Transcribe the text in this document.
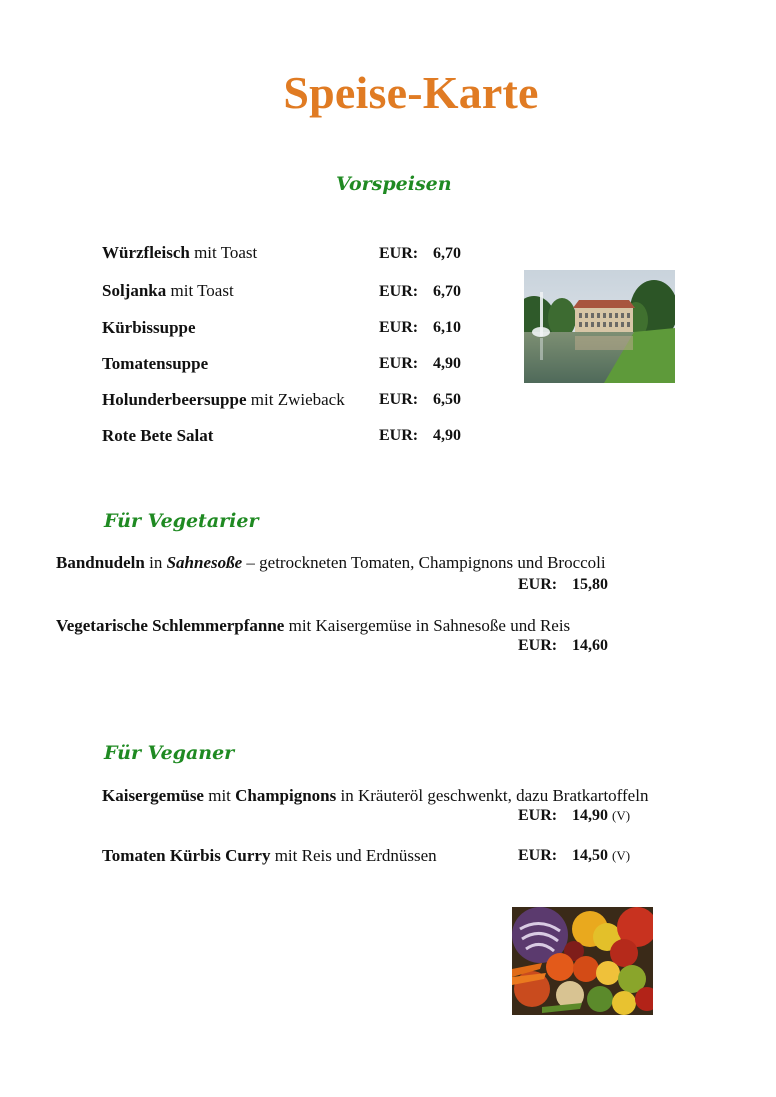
Speise-Karte
Vorspeisen
Würzfleisch mit Toast	EUR: 6,70
Soljanka mit Toast	EUR: 6,70
Kürbissuppe	EUR: 6,10
Tomatensuppe	EUR: 4,90
Holunderbeersuppe mit Zwieback EUR: 6,50
Rote Bete Salat	EUR: 4,90
Für Vegetarier
Bandnudeln in Sahnesoße – getrockneten Tomaten, Champignons und Broccoli
EUR: 15,80
Vegetarische Schlemmerpfanne mit Kaisergemüse in Sahnesoße und Reis
EUR: 14,60
Für Veganer
Kaisergemüse mit Champignons in Kräuteröl geschwenkt, dazu Bratkartoffeln
EUR: 14,90 (V)
Tomaten Kürbis Curry mit Reis und Erdnüssen	EUR: 14,50 (V)
